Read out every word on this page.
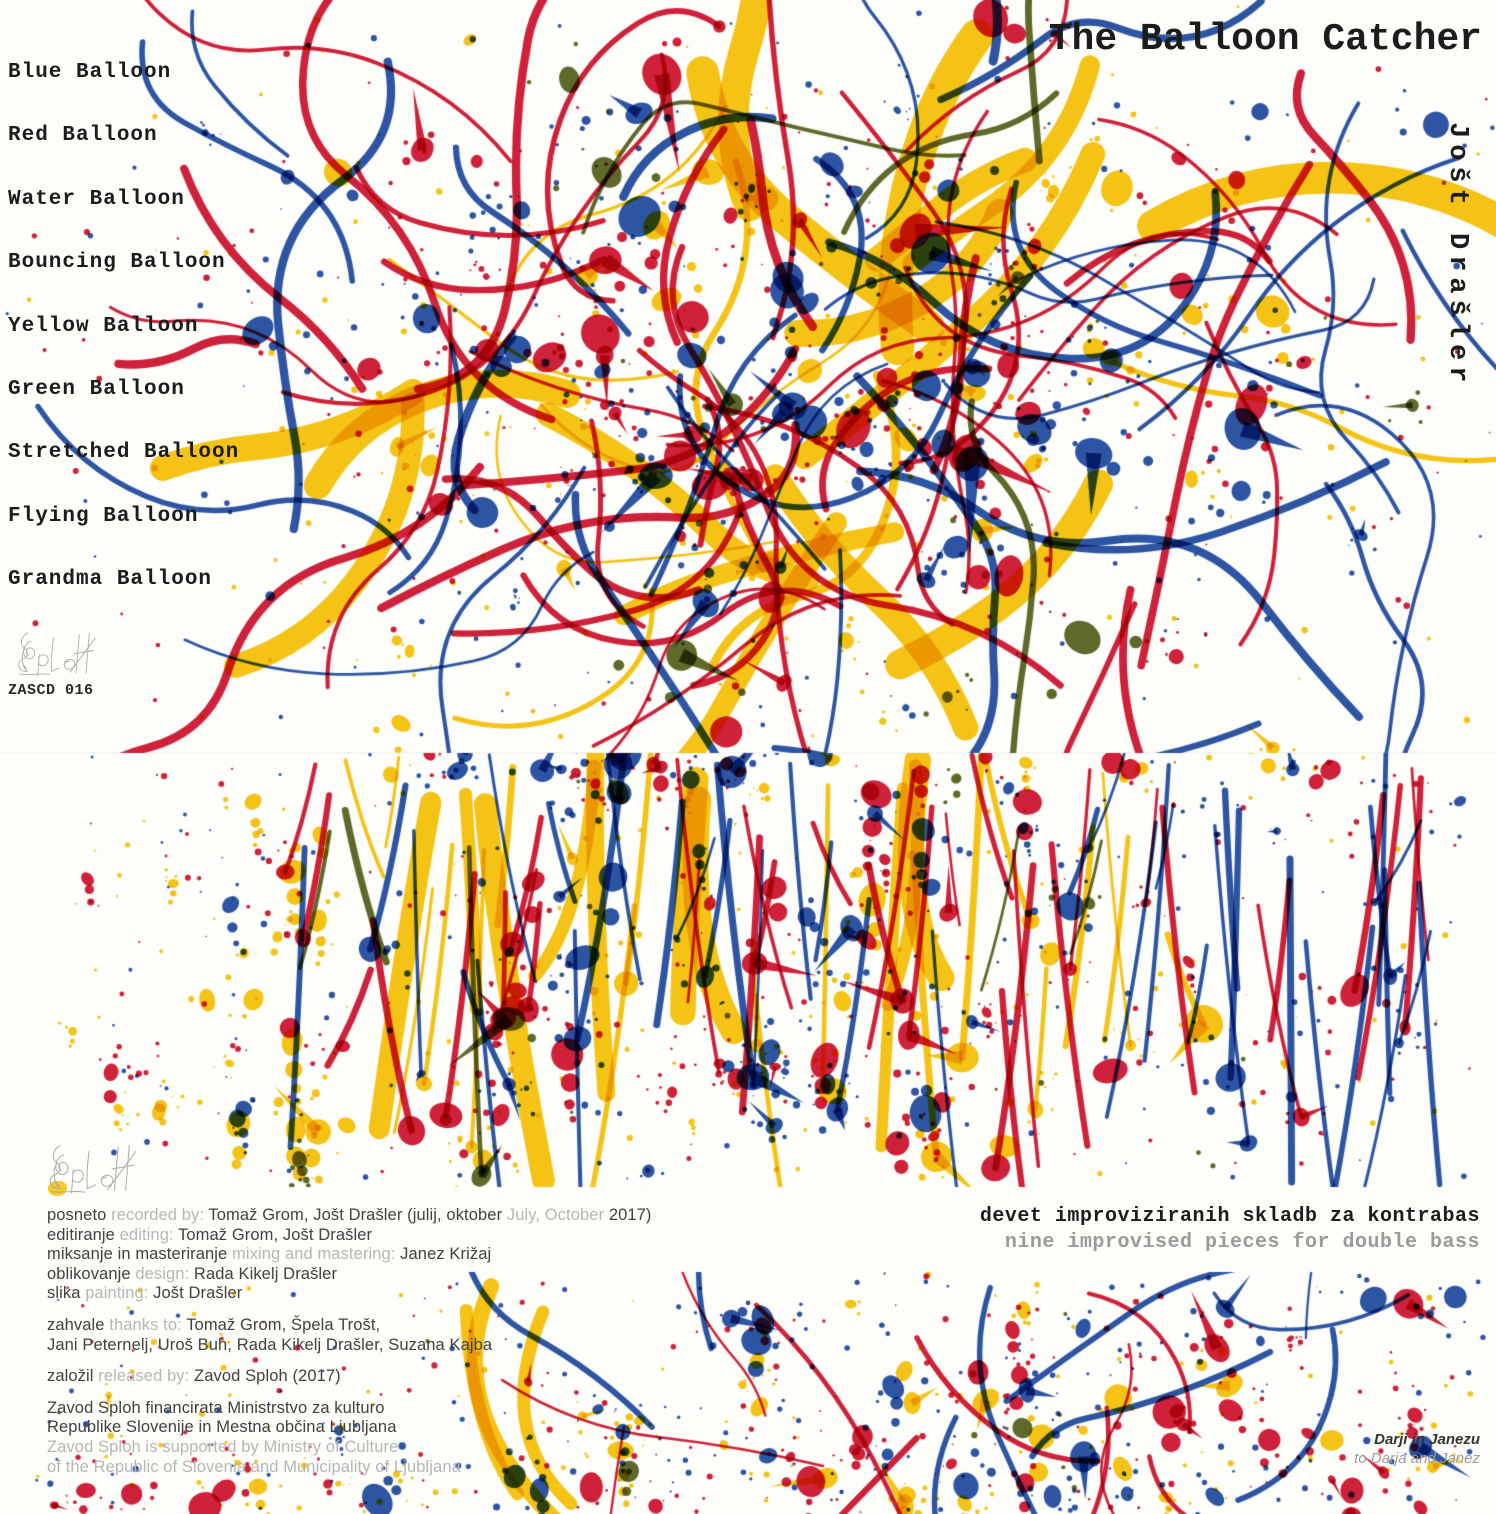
The Balloon Catcher
Jošt Drašler
Blue Balloon
Red Balloon
Water Balloon
Bouncing Balloon
Yellow Balloon
Green Balloon
Stretched Balloon
Flying Balloon
Grandma Balloon
ZASCD 016
posneto recorded by: Tomaž Grom, Jošt Drašler (julij, oktober July, October 2017)
editiranje editing: Tomaž Grom, Jošt Drašler
miksanje in masteriranje mixing and mastering: Janez Križaj
oblikovanje design: Rada Kikelj Drašler
slika painting: Jošt Drašler
zahvale thanks to: Tomaž Grom, Špela Trošt,
Jani Peternelj, Uroš Buh, Rada Kikelj Drašler, Suzana Kajba
založil released by: Zavod Sploh (2017)
Zavod Sploh financirata Ministrstvo za kulturo
Republike Slovenije in Mestna občina Ljubljana
Zavod Sploh is supported by Ministry of Culture
of the Republic of Slovenia and Municipality of Ljubljana
devet improviziranih skladb za kontrabas
nine improvised pieces for double bass
Darji in Janezu
to Darja and Janez
